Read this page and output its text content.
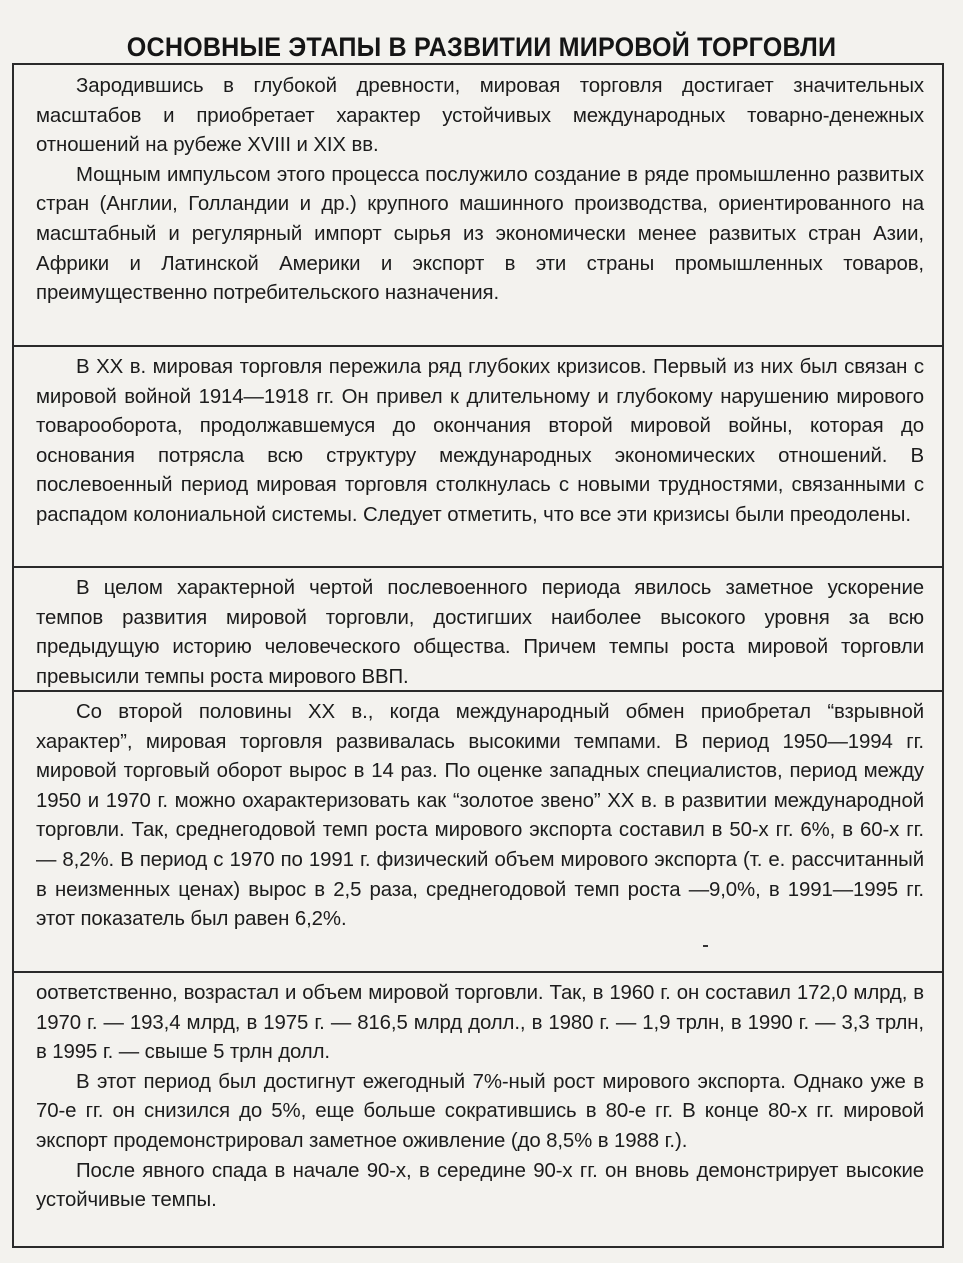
ОСНОВНЫЕ ЭТАПЫ В РАЗВИТИИ МИРОВОЙ ТОРГОВЛИ

Зародившись в глубокой древности, мировая торговля достигает значительных масштабов и приобретает характер устойчивых международных товарно-денежных отношений на рубеже XVIII и XIX вв.

Мощным импульсом этого процесса послужило создание в ряде промышленно развитых стран (Англии, Голландии и др.) крупного машинного производства, ориентированного на масштабный и регулярный импорт сырья из экономически менее развитых стран Азии, Африки и Латинской Америки и экспорт в эти страны промышленных товаров, преимущественно потребительского назначения.

В XX в. мировая торговля пережила ряд глубоких кризисов. Первый из них был связан с мировой войной 1914—1918 гг. Он привел к длительному и глубокому нарушению мирового товарооборота, продолжавшемуся до окончания второй мировой войны, которая до основания потрясла всю структуру международных экономических отношений. В послевоенный период мировая торговля столкнулась с новыми трудностями, связанными с распадом колониальной системы. Следует отметить, что все эти кризисы были преодолены.

В целом характерной чертой послевоенного периода явилось заметное ускорение темпов развития мировой торговли, достигших наиболее высокого уровня за всю предыдущую историю человеческого общества. Причем темпы роста мировой торговли превысили темпы роста мирового ВВП.

Со второй половины XX в., когда международный обмен приобретал “взрывной характер”, мировая торговля развивалась высокими темпами. В период 1950—1994 гг. мировой торговый оборот вырос в 14 раз. По оценке западных специалистов, период между 1950 и 1970 г. можно охарактеризовать как “золотое звено” XX в. в развитии международной торговли. Так, среднегодовой темп роста мирового экспорта составил в 50-х гг. 6%, в 60-х гг. — 8,2%. В период с 1970 по 1991 г. физический объем мирового экспорта (т. е. рассчитанный в неизменных ценах) вырос в 2,5 раза, среднегодовой темп роста —9,0%, в 1991—1995 гг. этот показатель был равен 6,2%.

оответственно, возрастал и объем мировой торговли. Так, в 1960 г. он составил 172,0 млрд, в 1970 г. — 193,4 млрд, в 1975 г. — 816,5 млрд долл., в 1980 г. — 1,9 трлн, в 1990 г. — 3,3 трлн, в 1995 г. — свыше 5 трлн долл.

В этот период был достигнут ежегодный 7%-ный рост мирового экспорта. Однако уже в 70-е гг. он снизился до 5%, еще больше сократившись в 80-е гг. В конце 80-х гг. мировой экспорт продемонстрировал заметное оживление (до 8,5% в 1988 г.).

После явного спада в начале 90-х, в середине 90-х гг. он вновь демонстрирует высокие устойчивые темпы.
